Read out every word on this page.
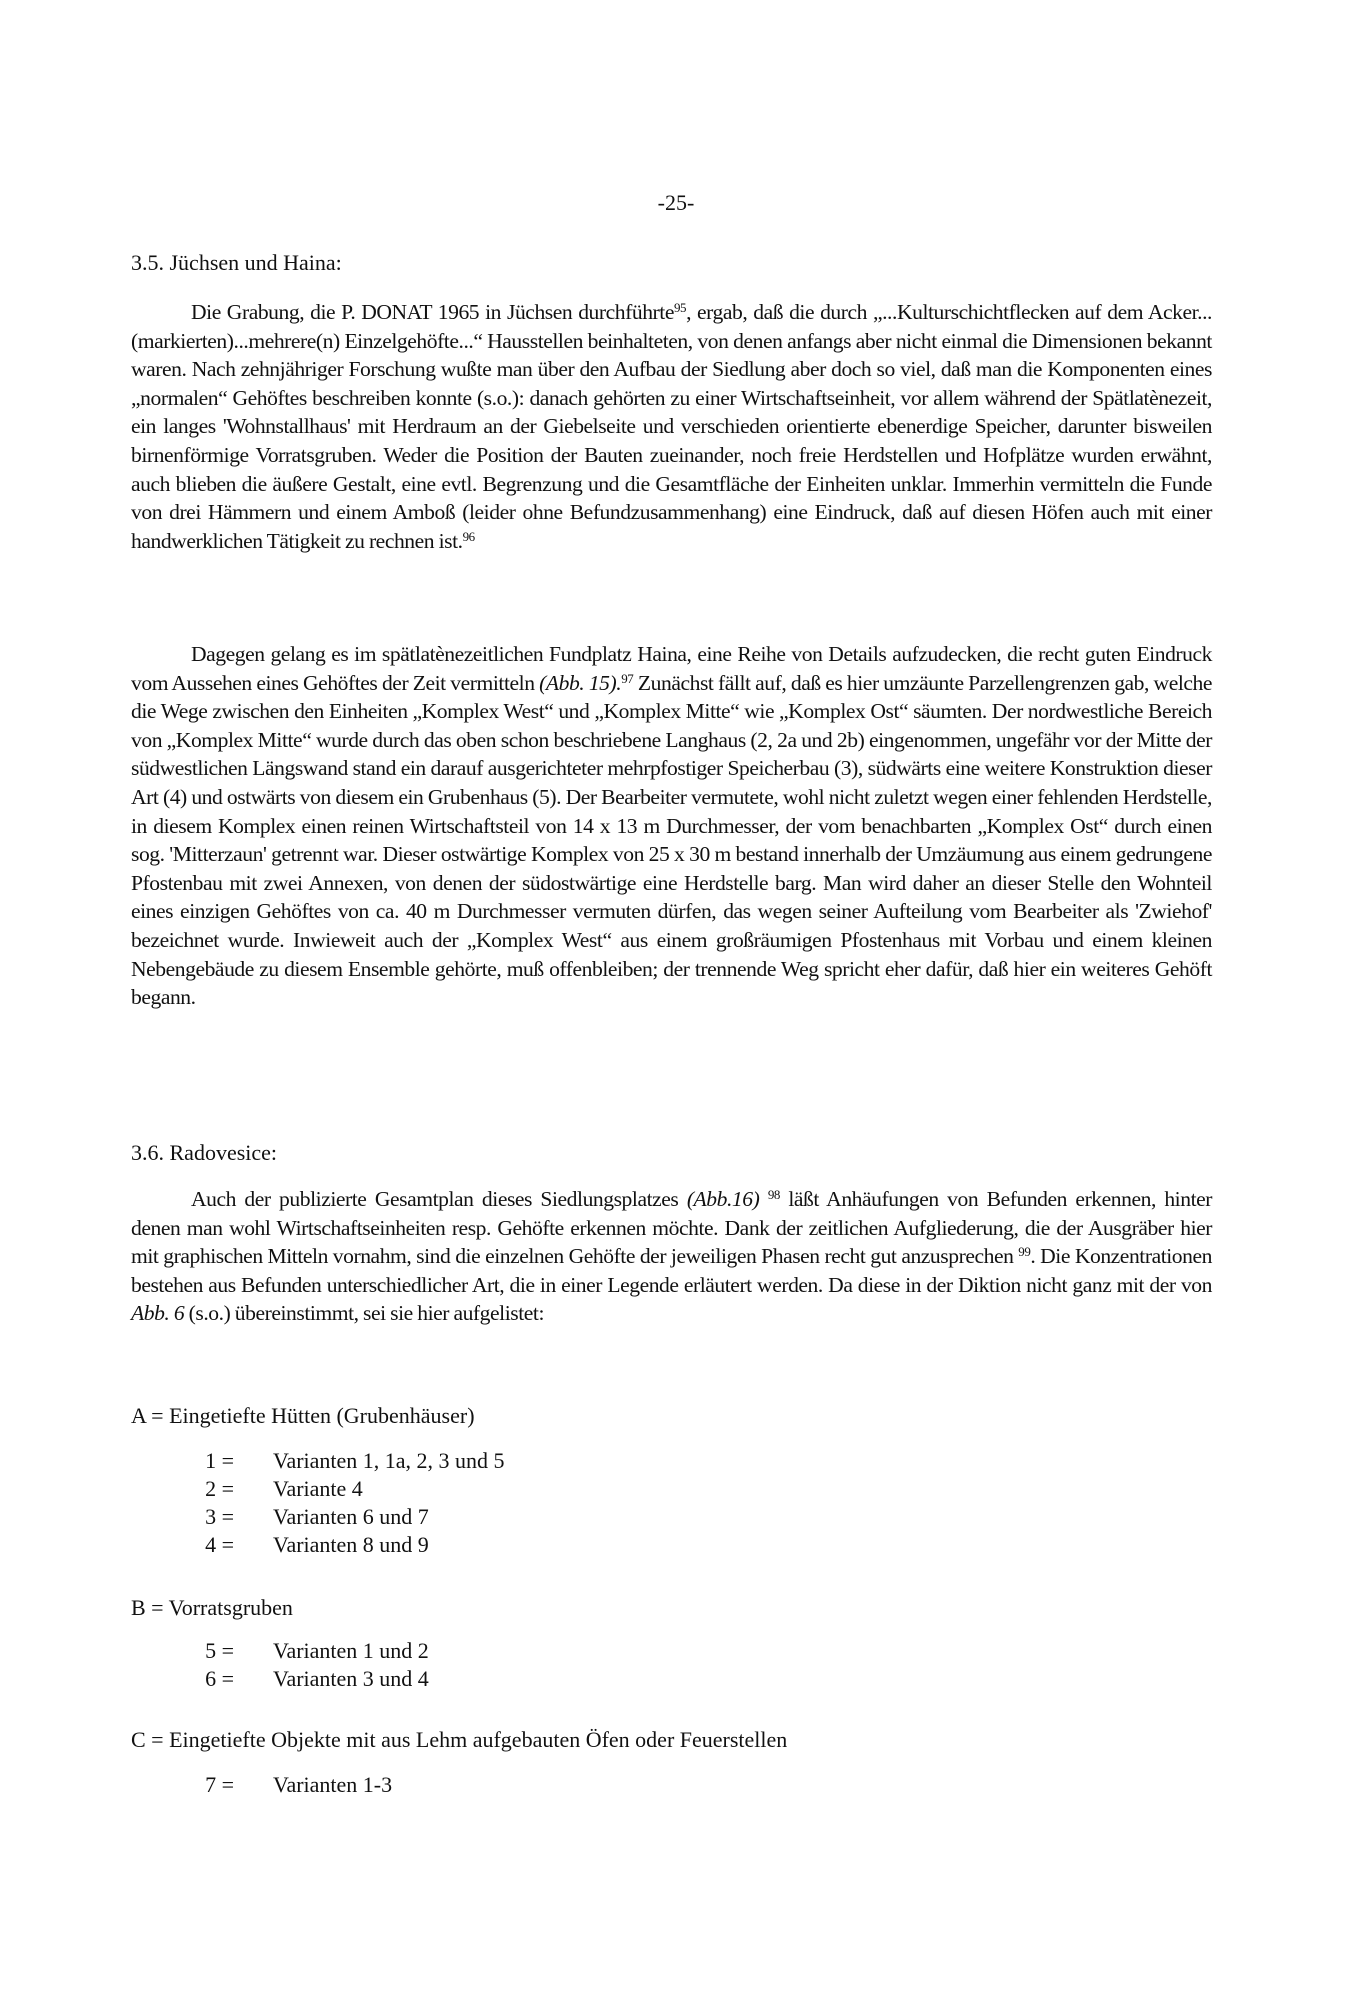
-25-
3.5. Jüchsen und Haina:

Die Grabung, die P. DONAT 1965 in Jüchsen durchführte$^{95}$, ergab, daß die durch „...Kulturschichtflecken auf dem Acker... (markierten)...mehrere(n) Einzelgehöfte...“ Hausstellen beinhalteten, von denen anfangs aber nicht einmal die Dimensionen bekannt waren. Nach zehnjähriger Forschung wußte man über den Aufbau der Siedlung aber doch so viel, daß man die Komponenten eines „normalen“ Gehöftes beschreiben konnte (s.o.): danach gehörten zu einer Wirtschaftseinheit, vor allem während der Spätlatènezeit, ein langes 'Wohnstallhaus' mit Herdraum an der Giebelseite und verschieden orientierte ebenerdige Speicher, darunter bisweilen birnenförmige Vorratsgruben. Weder die Position der Bauten zueinander, noch freie Herdstellen und Hofplätze wurden erwähnt, auch blieben die äußere Gestalt, eine evtl. Begrenzung und die Gesamtfläche der Einheiten unklar. Immerhin vermitteln die Funde von drei Hämmern und einem Amboß (leider ohne Befundzusammenhang) eine Eindruck, daß auf diesen Höfen auch mit einer handwerklichen Tätigkeit zu rechnen ist.$^{96}$

Dagegen gelang es im spätlatènezeitlichen Fundplatz Haina, eine Reihe von Details aufzudecken, die recht guten Eindruck vom Aussehen eines Gehöftes der Zeit vermitteln (Abb. 15).$^{97}$ Zunächst fällt auf, daß es hier umzäunte Parzellengrenzen gab, welche die Wege zwischen den Einheiten „Komplex West“ und „Komplex Mitte“ wie „Komplex Ost“ säumten. Der nordwestliche Bereich von „Komplex Mitte“ wurde durch das oben schon beschriebene Langhaus (2, 2a und 2b) eingenommen, ungefähr vor der Mitte der südwestlichen Längswand stand ein darauf ausgerichteter mehrpfostiger Speicherbau (3), südwärts eine weitere Konstruktion dieser Art (4) und ostwärts von diesem ein Grubenhaus (5). Der Bearbeiter vermutete, wohl nicht zuletzt wegen einer fehlenden Herdstelle, in diesem Komplex einen reinen Wirtschaftsteil von 14 x 13 m Durchmesser, der vom benachbarten „Komplex Ost“ durch einen sog. 'Mitterzaun' getrennt war. Dieser ostwärtige Komplex von 25 x 30 m bestand innerhalb der Umzäumung aus einem gedrungene Pfostenbau mit zwei Annexen, von denen der südostwärtige eine Herdstelle barg. Man wird daher an dieser Stelle den Wohnteil eines einzigen Gehöftes von ca. 40 m Durchmesser vermuten dürfen, das wegen seiner Aufteilung vom Bearbeiter als 'Zwiehof' bezeichnet wurde. Inwieweit auch der „Komplex West“ aus einem großräumigen Pfostenhaus mit Vorbau und einem kleinen Nebengebäude zu diesem Ensemble gehörte, muß offenbleiben; der trennende Weg spricht eher dafür, daß hier ein weiteres Gehöft begann.

3.6. Radovesice:

Auch der publizierte Gesamtplan dieses Siedlungsplatzes (Abb.16) $^{98}$ läßt Anhäufungen von Befunden erkennen, hinter denen man wohl Wirtschaftseinheiten resp. Gehöfte erkennen möchte. Dank der zeitlichen Aufgliederung, die der Ausgräber hier mit graphischen Mitteln vornahm, sind die einzelnen Gehöfte der jeweiligen Phasen recht gut anzusprechen $^{99}$. Die Konzentrationen bestehen aus Befunden unterschiedlicher Art, die in einer Legende erläutert werden. Da diese in der Diktion nicht ganz mit der von Abb. 6 (s.o.) übereinstimmt, sei sie hier aufgelistet:

A = Eingetiefte Hütten (Grubenhäuser)
1 = Varianten 1, 1a, 2, 3 und 5
2 = Variante 4
3 = Varianten 6 und 7
4 = Varianten 8 und 9
B = Vorratsgruben
5 = Varianten 1 und 2
6 = Varianten 3 und 4
C = Eingetiefte Objekte mit aus Lehm aufgebauten Öfen oder Feuerstellen
7 = Varianten 1-3
